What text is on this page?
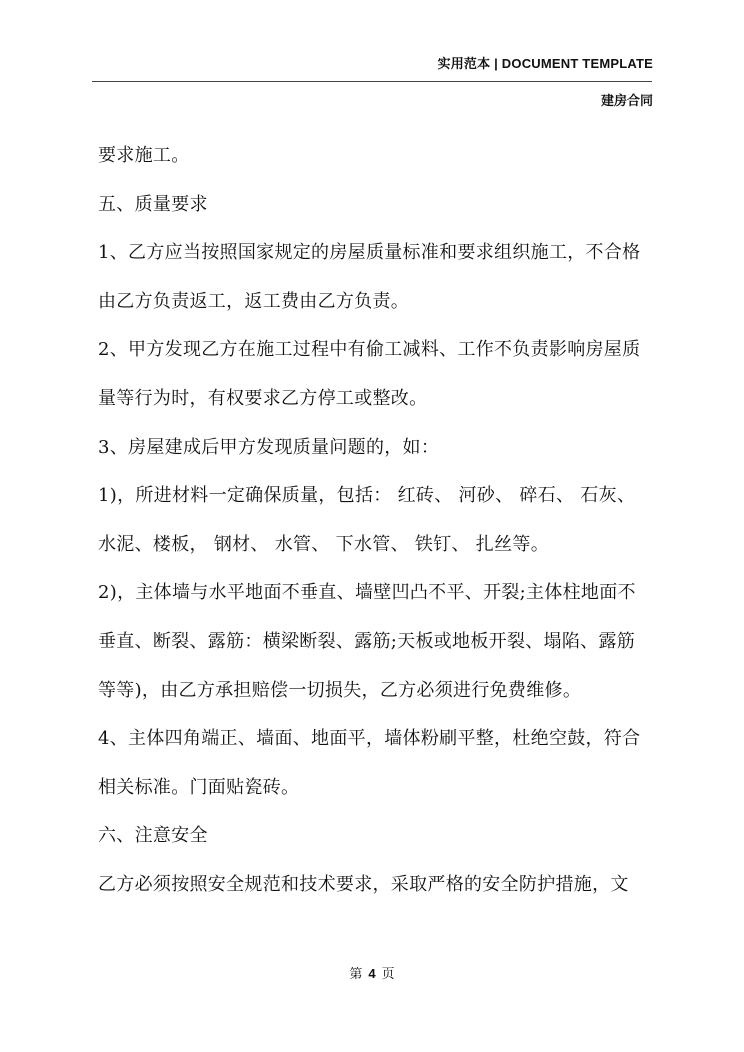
实用范本 | DOCUMENT TEMPLATE
建房合同
要求施工。
五、质量要求
1、乙方应当按照国家规定的房屋质量标准和要求组织施工，不合格
由乙方负责返工，返工费由乙方负责。
2、甲方发现乙方在施工过程中有偷工减料、工作不负责影响房屋质
量等行为时，有权要求乙方停工或整改。
3、房屋建成后甲方发现质量问题的，如：
1)，所进材料一定确保质量，包括： 红砖、 河砂、 碎石、 石灰、
水泥、楼板， 钢材、 水管、 下水管、 铁钉、 扎丝等。
2)，主体墙与水平地面不垂直、墙壁凹凸不平、开裂;主体柱地面不
垂直、断裂、露筋：横梁断裂、露筋;天板或地板开裂、塌陷、露筋
等等)，由乙方承担赔偿一切损失，乙方必须进行免费维修。
4、主体四角端正、墙面、地面平，墙体粉刷平整，杜绝空鼓，符合
相关标准。门面贴瓷砖。
六、注意安全
乙方必须按照安全规范和技术要求，采取严格的安全防护措施，文
第 4 页
